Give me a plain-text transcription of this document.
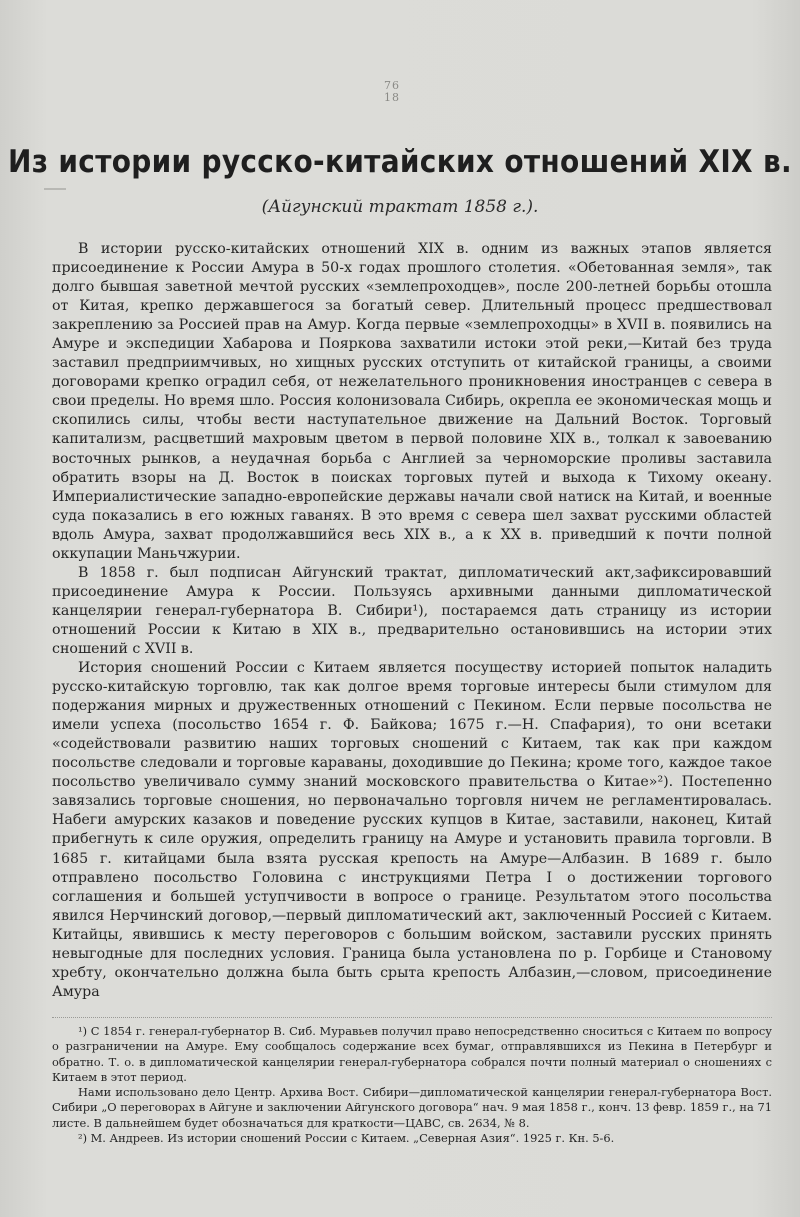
76
18
Из истории русско-китайских отношений XIX в.
(Айгунский трактат 1858 г.).

В истории русско-китайских отношений XIX в. одним из важных этапов является присоединение к России Амура в 50-х годах прошлого столетия. «Обетованная земля», так долго бывшая заветной мечтой русских «землепроходцев», после 200-летней борьбы отошла от Китая, крепко державшегося за богатый север. Длительный процесс предшествовал закреплению за Россией прав на Амур. Когда первые «землепроходцы» в XVII в. появились на Амуре и экспедиции Хабарова и Пояркова захватили истоки этой реки,—Китай без труда заставил предприимчивых, но хищных русских отступить от китайской границы, а своими договорами крепко оградил себя, от нежелательного проникновения иностранцев с севера в свои пределы. Но время шло. Россия колонизовала Сибирь, окрепла ее экономическая мощь и скопились силы, чтобы вести наступательное движение на Дальний Восток. Торговый капитализм, расцветший махровым цветом в первой половине XIX в., толкал к завоеванию восточных рынков, а неудачная борьба с Англией за черноморские проливы заставила обратить взоры на Д. Восток в поисках торговых путей и выхода к Тихому океану. Империалистические западно-европейские державы начали свой натиск на Китай, и военные суда показались в его южных гаванях. В это время с севера шел захват русскими областей вдоль Амура, захват продолжавшийся весь XIX в., а к XX в. приведший к почти полной оккупации Маньчжурии.

В 1858 г. был подписан Айгунский трактат, дипломатический акт,зафиксировавший присоединение Амура к России. Пользуясь архивными данными дипломатической канцелярии генерал-губернатора В. Сибири¹), постараемся дать страницу из истории отношений России к Китаю в XIX в., предварительно остановившись на истории этих сношений с XVII в.

История сношений России с Китаем является посуществу историей попыток наладить русско-китайскую торговлю, так как долгое время торговые интересы были стимулом для подержания мирных и дружественных отношений с Пекином. Если первые посольства не имели успеха (посольство 1654 г. Ф. Байкова; 1675 г.—Н. Спафария), то они всетаки «содействовали развитию наших торговых сношений с Китаем, так как при каждом посольстве следовали и торговые караваны, доходившие до Пекина; кроме того, каждое такое посольство увеличивало сумму знаний московского правительства о Китае»²). Постепенно завязались торговые сношения, но первоначально торговля ничем не регламентировалась. Набеги амурских казаков и поведение русских купцов в Китае, заставили, наконец, Китай прибегнуть к силе оружия, определить границу на Амуре и установить правила торговли. В 1685 г. китайцами была взята русская крепость на Амуре—Албазин. В 1689 г. было отправлено посольство Головина с инструкциями Петра I о достижении торгового соглашения и большей уступчивости в вопросе о границе. Результатом этого посольства явился Нерчинский договор,—первый дипломатический акт, заключенный Россией с Китаем. Китайцы, явившись к месту переговоров с большим войском, заставили русских принять невыгодные для последних условия. Граница была установлена по р. Горбице и Становому хребту, окончательно должна была быть срыта крепость Албазин,—словом, присоединение Амура

¹) С 1854 г. генерал-губернатор В. Сиб. Муравьев получил право непосредственно сноситься с Китаем по вопросу о разграничении на Амуре. Ему сообщалось содержание всех бумаг, отправлявшихся из Пекина в Петербург и обратно. Т. о. в дипломатической канцелярии генерал-губернатора собрался почти полный материал о сношениях с Китаем в этот период.

Нами использовано дело Центр. Архива Вост. Сибири—дипломатической канцелярии генерал-губернатора Вост. Сибири „О переговорах в Айгуне и заключении Айгунского договора“ нач. 9 мая 1858 г., конч. 13 февр. 1859 г., на 71 листе. В дальнейшем будет обозначаться для краткости—ЦАВС, св. 2634, № 8.

²) М. Андреев. Из истории сношений России с Китаем. „Северная Азия“. 1925 г. Кн. 5-6.
